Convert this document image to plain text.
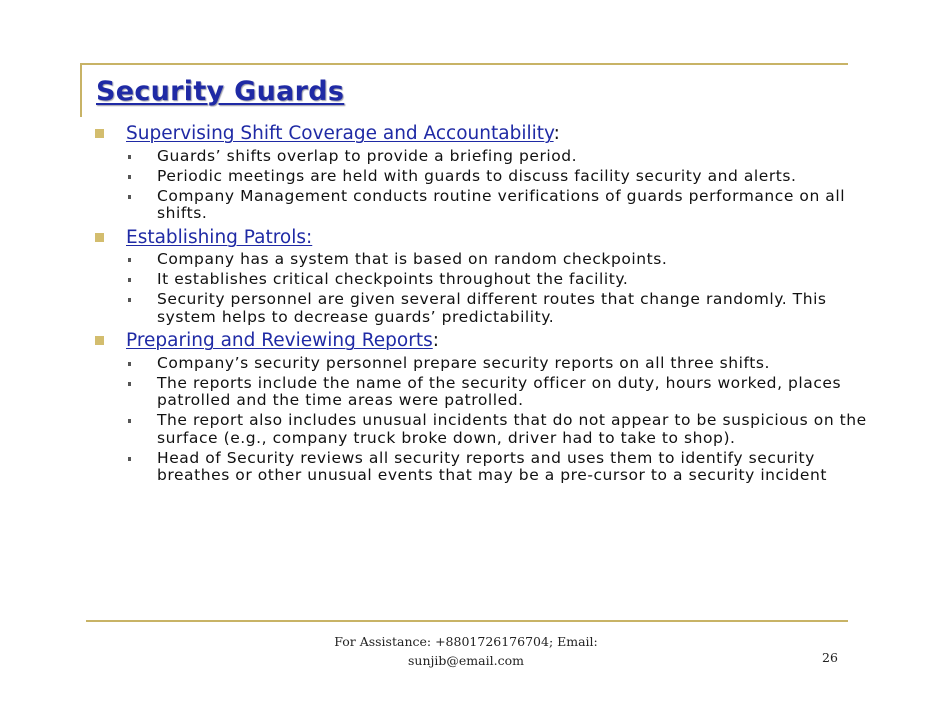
Security Guards
Supervising Shift Coverage and Accountability:
Guards’ shifts overlap to provide a briefing period.
Periodic meetings are held with guards to discuss facility security and alerts.
Company Management conducts routine verifications of guards performance on all shifts.
Establishing Patrols:
Company has a system that is based on random checkpoints.
It establishes critical checkpoints throughout the facility.
Security personnel are given several different routes that change randomly. This system helps to decrease guards’ predictability.
Preparing and Reviewing Reports:
Company’s security personnel prepare security reports on all three shifts.
The reports include the name of the security officer on duty, hours worked, places patrolled and the time areas were patrolled.
The report also includes unusual incidents that do not appear to be suspicious on the surface (e.g., company truck broke down, driver had to take to shop).
Head of Security reviews all security reports and uses them to identify security breathes or other unusual events that may be a pre-cursor to a security incident
For Assistance: +8801726176704; Email:
sunjib@email.com	26
